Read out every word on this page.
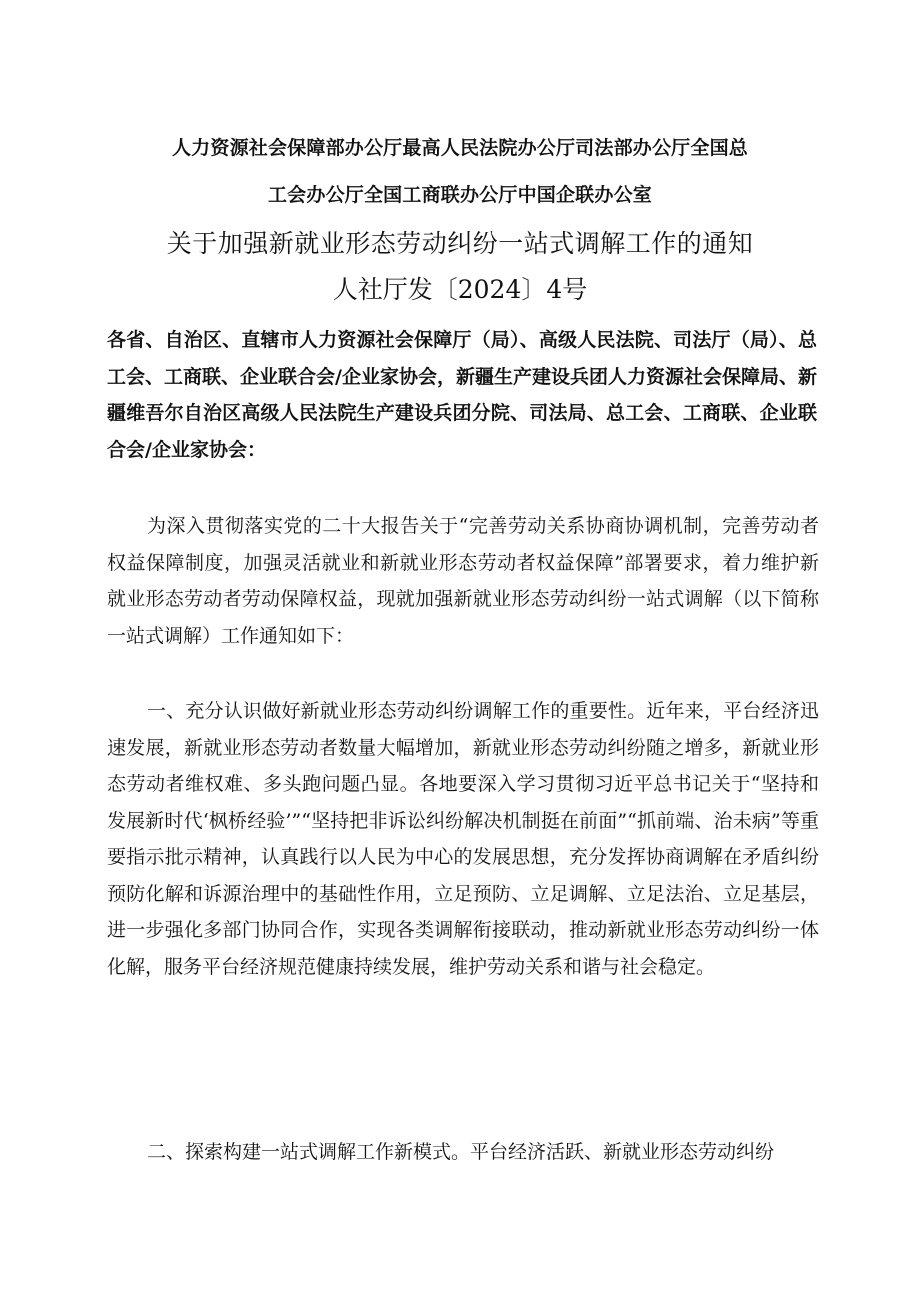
人力资源社会保障部办公厅最高人民法院办公厅司法部办公厅全国总
工会办公厅全国工商联办公厅中国企联办公室
关于加强新就业形态劳动纠纷一站式调解工作的通知
人社厅发〔2024〕4号

各省、自治区、直辖市人力资源社会保障厅（局）、高级人民法院、司法厅（局）、总工会、工商联、企业联合会/企业家协会，新疆生产建设兵团人力资源社会保障局、新疆维吾尔自治区高级人民法院生产建设兵团分院、司法局、总工会、工商联、企业联合会/企业家协会：

为深入贯彻落实党的二十大报告关于“完善劳动关系协商协调机制，完善劳动者权益保障制度，加强灵活就业和新就业形态劳动者权益保障”部署要求，着力维护新就业形态劳动者劳动保障权益，现就加强新就业形态劳动纠纷一站式调解（以下简称一站式调解）工作通知如下：

一、充分认识做好新就业形态劳动纠纷调解工作的重要性。近年来，平台经济迅速发展，新就业形态劳动者数量大幅增加，新就业形态劳动纠纷随之增多，新就业形态劳动者维权难、多头跑问题凸显。各地要深入学习贯彻习近平总书记关于“坚持和发展新时代‘枫桥经验’”“坚持把非诉讼纠纷解决机制挺在前面”“抓前端、治未病”等重要指示批示精神，认真践行以人民为中心的发展思想，充分发挥协商调解在矛盾纠纷预防化解和诉源治理中的基础性作用，立足预防、立足调解、立足法治、立足基层，进一步强化多部门协同合作，实现各类调解衔接联动，推动新就业形态劳动纠纷一体化解，服务平台经济规范健康持续发展，维护劳动关系和谐与社会稳定。

二、探索构建一站式调解工作新模式。平台经济活跃、新就业形态劳动纠纷
